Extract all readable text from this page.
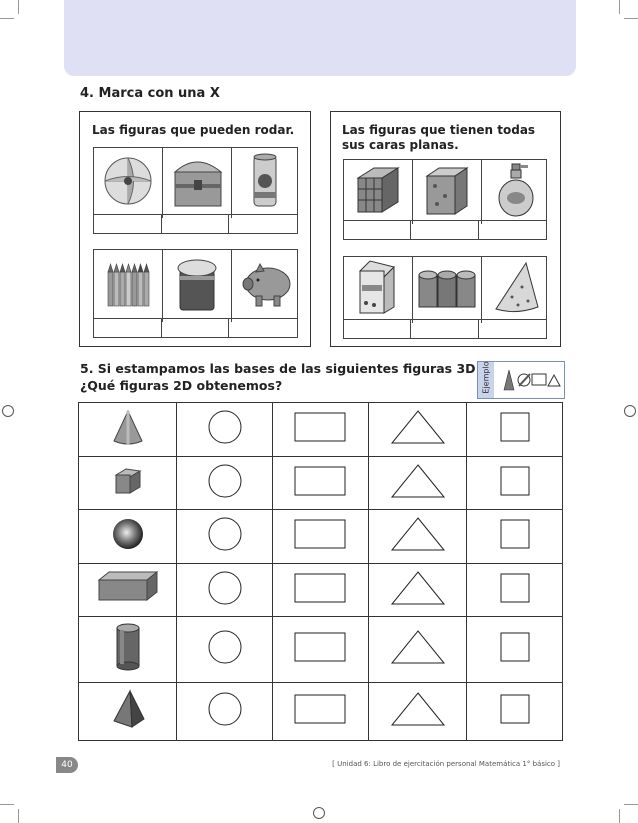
4. Marca con una X
Las figuras que pueden rodar.	Las figuras que tienen todas
sus caras planas.
5. Si estampamos las bases de las siguientes figuras 3D
¿Qué figuras 2D obtenemos?	Ejemplo

40	[ Unidad 6: Libro de ejercitación personal Matemática 1° básico ]
